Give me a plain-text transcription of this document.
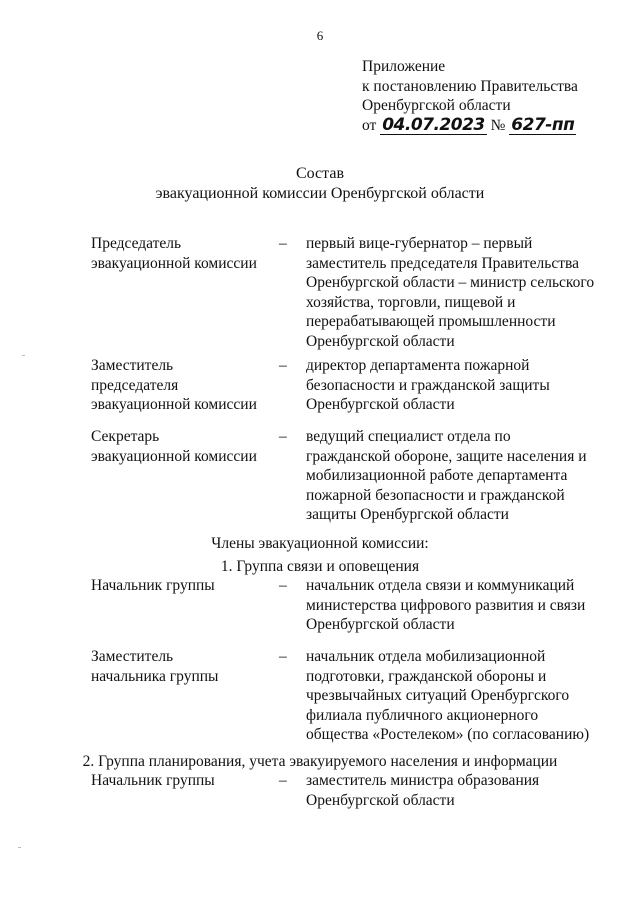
6
Приложение
к постановлению Правительства
Оренбургской области
от 04.07.2023 № 627-пп
Состав
эвакуационной комиссии Оренбургской области
Председатель
эвакуационной комиссии
– первый вице-губернатор – первый
заместитель председателя Правительства
Оренбургской области – министр сельского
хозяйства, торговли, пищевой и
перерабатывающей промышленности
Оренбургской области
Заместитель
председателя
эвакуационной комиссии
– директор департамента пожарной
безопасности и гражданской защиты
Оренбургской области
Секретарь
эвакуационной комиссии
– ведущий специалист отдела по
гражданской обороне, защите населения и
мобилизационной работе департамента
пожарной безопасности и гражданской
защиты Оренбургской области
Члены эвакуационной комиссии:
1. Группа связи и оповещения
Начальник группы	– начальник отдела связи и коммуникаций
министерства цифрового развития и связи
Оренбургской области
Заместитель
начальника группы
– начальник отдела мобилизационной
подготовки, гражданской обороны и
чрезвычайных ситуаций Оренбургского
филиала публичного акционерного
общества «Ростелеком» (по согласованию)
2. Группа планирования, учета эвакуируемого населения и информации
Начальник группы	– заместитель министра образования
Оренбургской области
